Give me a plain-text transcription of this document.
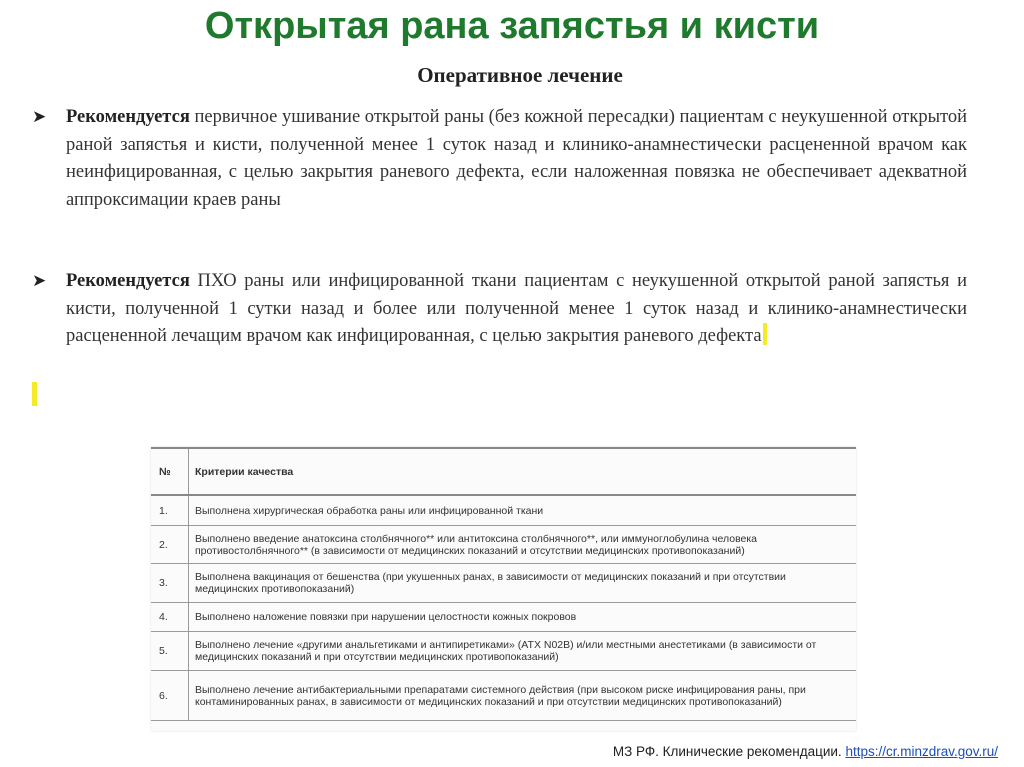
Открытая рана запястья и кисти
Оперативное лечение
➤ Рекомендуется первичное ушивание открытой раны (без кожной пересадки) пациентам с неукушенной открытой раной запястья и кисти, полученной менее 1 суток назад и клинико-анамнестически расцененной врачом как неинфицированная, с целью закрытия раневого дефекта, если наложенная повязка не обеспечивает адекватной аппроксимации краев раны
➤ Рекомендуется ПХО раны или инфицированной ткани пациентам с неукушенной открытой раной запястья и кисти, полученной 1 сутки назад и более или полученной менее 1 суток назад и клинико-анамнестически расцененной лечащим врачом как инфицированная, с целью закрытия раневого дефекта
№	Критерии качества
1.	Выполнена хирургическая обработка раны или инфицированной ткани
2.	Выполнено введение анатоксина столбнячного** или антитоксина столбнячного**, или иммуноглобулина человека противостолбнячного** (в зависимости от медицинских показаний и отсутствии медицинских противопоказаний)
3.	Выполнена вакцинация от бешенства (при укушенных ранах, в зависимости от медицинских показаний и при отсутствии медицинских противопоказаний)
4.	Выполнено наложение повязки при нарушении целостности кожных покровов
5.	Выполнено лечение «другими анальгетиками и антипиретиками» (ATX N02B) и/или местными анестетиками (в зависимости от медицинских показаний и при отсутствии медицинских противопоказаний)
6.	Выполнено лечение антибактериальными препаратами системного действия (при высоком риске инфицирования раны, при контаминированных ранах, в зависимости от медицинских показаний и при отсутствии медицинских противопоказаний)
МЗ РФ. Клинические рекомендации. https://cr.minzdrav.gov.ru/
